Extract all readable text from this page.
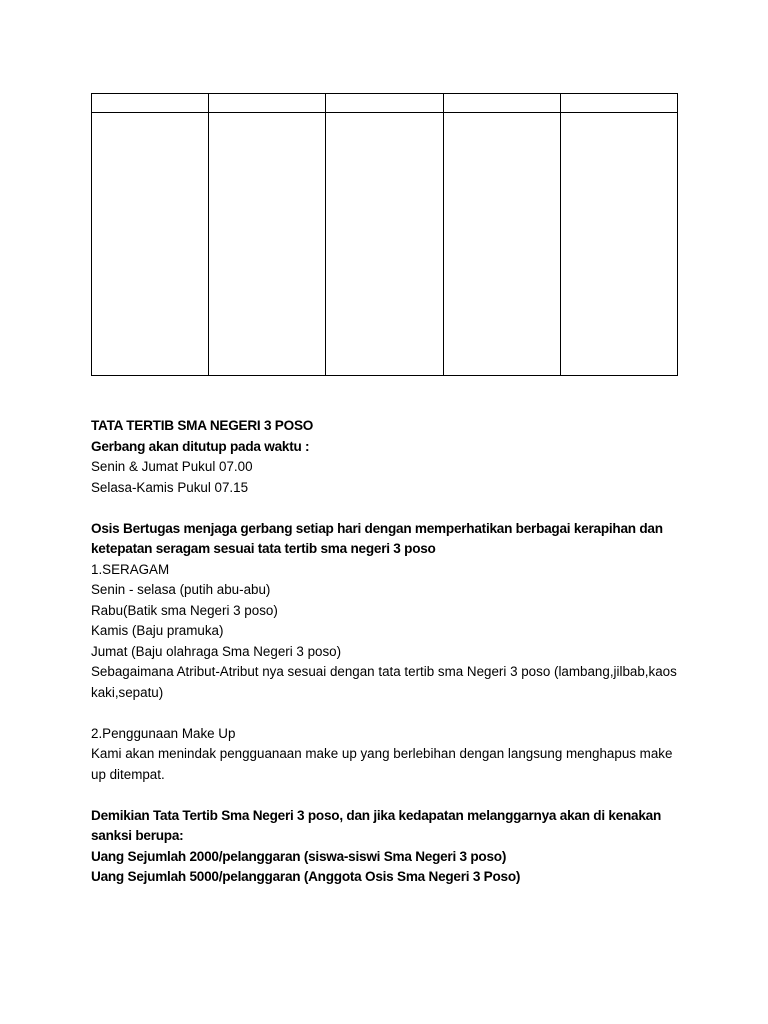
TATA TERTIB SMA NEGERI 3 POSO

Gerbang akan ditutup pada waktu :

Senin & Jumat Pukul 07.00

Selasa-Kamis Pukul 07.15

Osis Bertugas menjaga gerbang setiap hari dengan memperhatikan berbagai kerapihan dan ketepatan seragam sesuai tata tertib sma negeri 3 poso

1.SERAGAM

Senin - selasa (putih abu-abu)

Rabu(Batik sma Negeri 3 poso)

Kamis (Baju pramuka)

Jumat (Baju olahraga Sma Negeri 3 poso)

Sebagaimana Atribut-Atribut nya sesuai dengan tata tertib sma Negeri 3 poso (lambang,jilbab,kaos kaki,sepatu)

2.Penggunaan Make Up

Kami akan menindak pengguanaan make up yang berlebihan dengan langsung menghapus make up ditempat.

Demikian Tata Tertib Sma Negeri 3 poso, dan jika kedapatan melanggarnya akan di kenakan sanksi berupa:

Uang Sejumlah 2000/pelanggaran (siswa-siswi Sma Negeri 3 poso)

Uang Sejumlah 5000/pelanggaran (Anggota Osis Sma Negeri 3 Poso)
